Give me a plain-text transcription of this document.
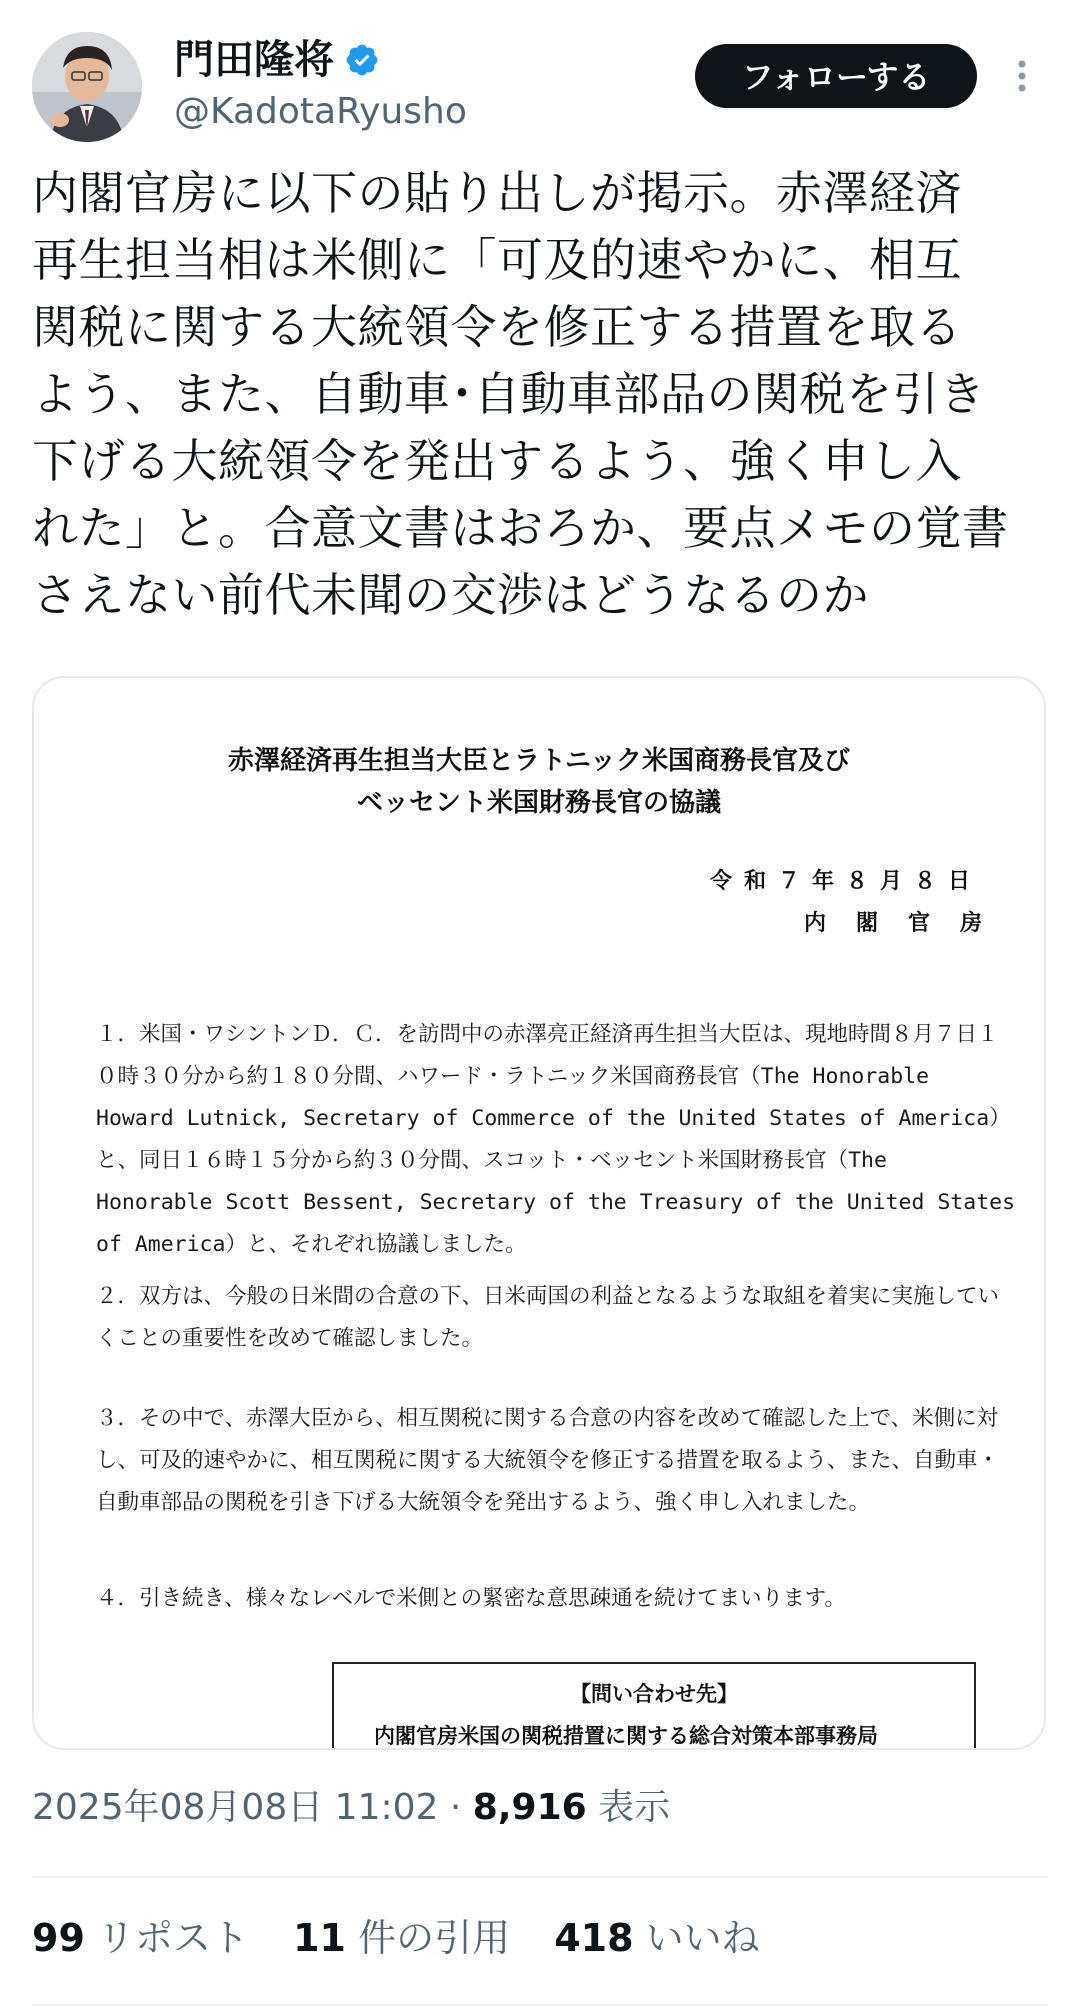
門田隆将
@KadotaRyusho
フォローする

内閣官房に以下の貼り出しが掲示。赤澤経済
再生担当相は米側に「可及的速やかに、相互
関税に関する大統領令を修正する措置を取る
よう、また、自動車･自動車部品の関税を引き
下げる大統領令を発出するよう、強く申し入
れた」と。合意文書はおろか、要点メモの覚書
さえない前代未聞の交渉はどうなるのか

赤澤経済再生担当大臣とラトニック米国商務長官及び
ベッセント米国財務長官の協議
令和７年８月８日
内閣官房

１．米国・ワシントンＤ．Ｃ．を訪問中の赤澤亮正経済再生担当大臣は、現地時間８月７日１０時３０分から約１８０分間、ハワード・ラトニック米国商務長官（The Honorable Howard Lutnick, Secretary of Commerce of the United States of America）と、同日１６時１５分から約３０分間、スコット・ベッセント米国財務長官（The Honorable Scott Bessent, Secretary of the Treasury of the United States of America）と、それぞれ協議しました。

２．双方は、今般の日米間の合意の下、日米両国の利益となるような取組を着実に実施していくことの重要性を改めて確認しました。

３．その中で、赤澤大臣から、相互関税に関する合意の内容を改めて確認した上で、米側に対し、可及的速やかに、相互関税に関する大統領令を修正する措置を取るよう、また、自動車・自動車部品の関税を引き下げる大統領令を発出するよう、強く申し入れました。

４．引き続き、様々なレベルで米側との緊密な意思疎通を続けてまいります。

【問い合わせ先】
内閣官房米国の関税措置に関する総合対策本部事務局
2025年08月08日 11:02 · 8,916 表示
99 リポスト 11 件の引用 418 いいね
